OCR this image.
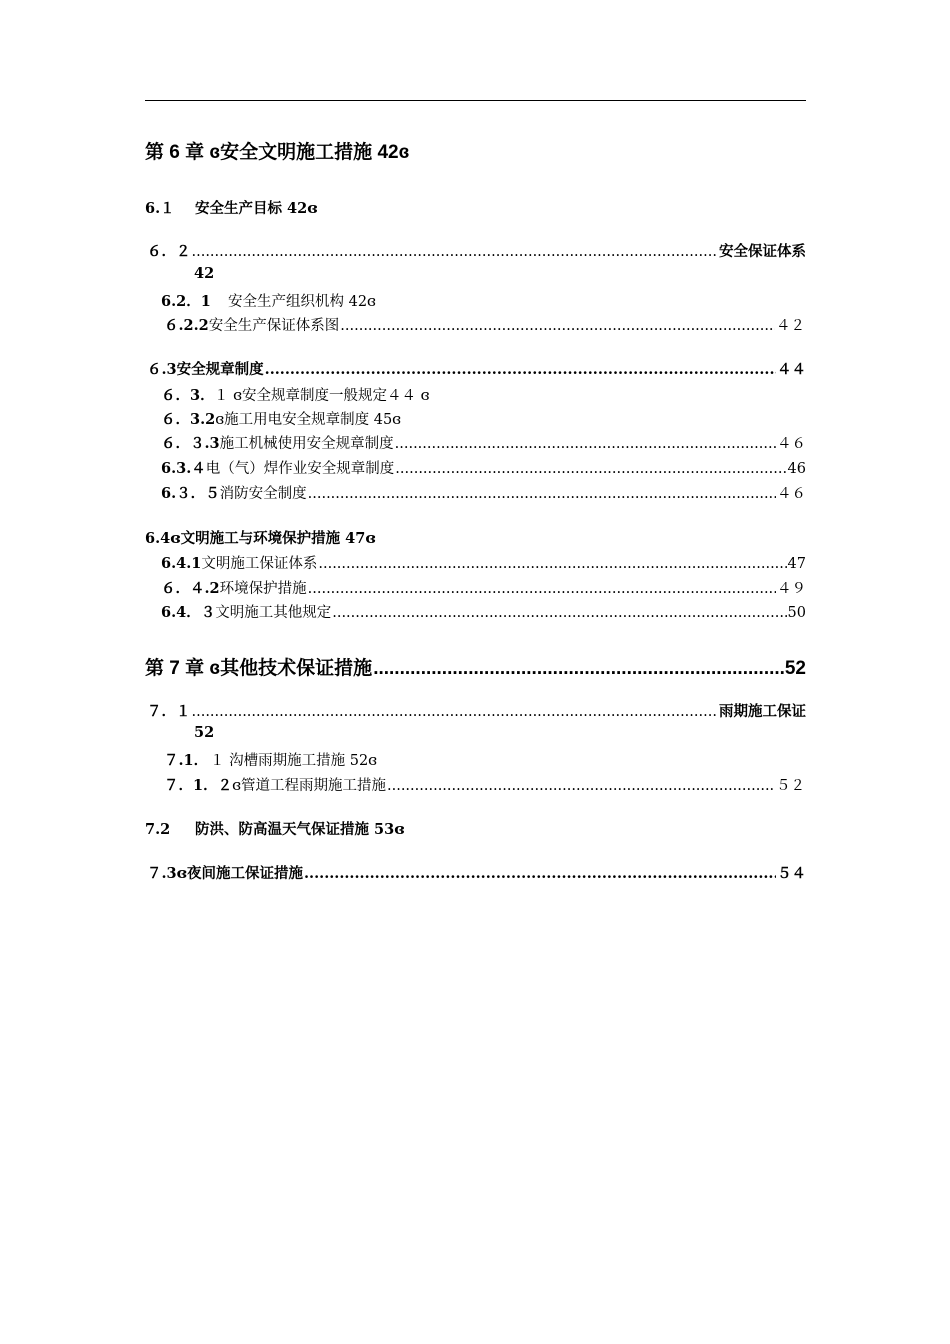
第 6 章 ɞ安全文明施工措施 42ɞ
6.１	安全生产目标 42ɞ
６．２ .....	安全保证体系
42
6.2．1	安全生产组织机构 42ɞ
６.2.2 安全生产保证体系图 .....	４２
６.3 安全规章制度 .....	４４
６．3． １ ɞ安全规章制度一般规定４４ ɞ
６．3.2 ɞ施工用电安全规章制度 45ɞ
６．３.3 施工机械使用安全规章制度 .....	４６
6.3.４ 电（气）焊作业安全规章制度 .....	46
6.３．５ 消防安全制度 .....	４６
6.4 ɞ文明施工与环境保护措施 47ɞ
6.4.1 文明施工保证体系 .....	47
６．４.2 环境保护措施 .....	４９
6.4．３ 文明施工其他规定 .....	50
第 7 章 ɞ其他技术保证措施 .....	52
７．１ .....	雨期施工保证
52
７.1． １ 沟槽雨期施工措施 52ɞ
７．1．２ ɞ管道工程雨期施工措施 .....	５２
7.2	防洪、防高温天气保证措施 53ɞ
７.3 ɞ夜间施工保证措施 .....	５４
